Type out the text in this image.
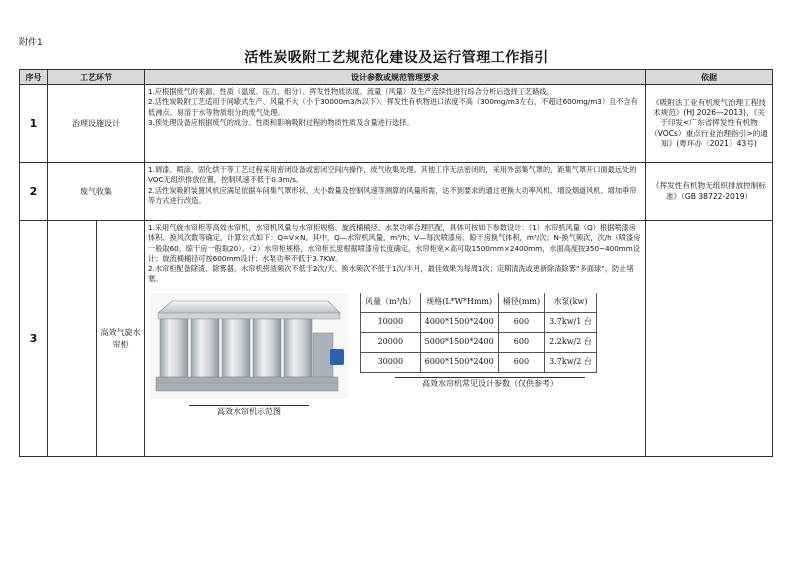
附件1
活性炭吸附工艺规范化建设及运行管理工作指引
序号	工艺环节	设计参数或规范管理要求	依据
1	治理设施设计	

1.应根据废气的来源、性质（温度、压力、组分）、挥发性物质浓度、流量（风量）及生产连续性进行综合分析后选择工艺路线。

2.活性炭吸附工艺适用于间歇式生产、风量不大（小于30000m3/h以下）、挥发性有机物进口浓度不高（300mg/m3左右，不超过600mg/m3）且不含有低沸点、易溶于水等物质组分的废气处理。

3.预处理设备应根据废气的成分、性质和影响吸附过程的物质性质及含量进行选择。

	《吸附法工业有机废气治理工程技术规范》(HJ 2026—2013)、《关于印发<广东省挥发性有机物（VOCs）重点行业治理指引>的通知》(粤环办〔2021〕43号)
2	废气收集	

1.调漆、喷涂、固化烘干等工艺过程采用密闭设备或密闭空间内操作，废气收集处理。其他工序无法密闭的，采用外部集气罩的，距集气罩开口面最远处的VOC无组织排放位置，控制风速不低于0.3m/s。

2.活性炭吸附装置风机应满足依据车间集气罩形状、大小数量及控制风速等测算的风量所需，达不到要求的通过更换大功率风机、增设烟道风机、增加垂帘等方式进行改造。

	《挥发性有机物无组织排放控制标准》（GB 38722-2019）
3		高效气旋水帘柜	

1.采用气旋水帘柜等高效水帘机，水帘机风量与水帘柜规格、旋流桶桶径、水泵功率合理匹配，具体可按如下参数设计：（1）水帘机风量（Q）根据喷漆房体积、换风次数等确定，计算公式如下：Q=V×N。其中，Q—水帘机风量，m³/h；V—每次喷漆房、晾干房换气体积，m³/次；N-换气频次，次/h（喷漆房一般取60，晾干房一般取20）。（2）水帘柜规格，水帘柜长度根据喷漆房长度确定，水帘柜宽×高可取1500mm×2400mm，水面高度按350~400mm设计；旋流桶桶径可按600mm设计；水泵功率不低于3.7KW。

2.水帘柜配备除渣、除雾器，水帘机捞渣频次不低于2次/天、换水频次不低于1次/半月，最佳效果为每周1次；定期清洗或更新除渣除雾“多面球”，防止堵塞。

高效水帘机示范图
风量（m³/h）	规格(L*W*Hmm)	桶径(mm)	水泵(kw)
10000	4000*1500*2400	600	3.7kw/1 台
20000	5000*1500*2400	600	2.2kw/2 台
30000	6000*1500*2400	600	3.7kw/2 台
高效水帘机常见设计参数（仅供参考）
